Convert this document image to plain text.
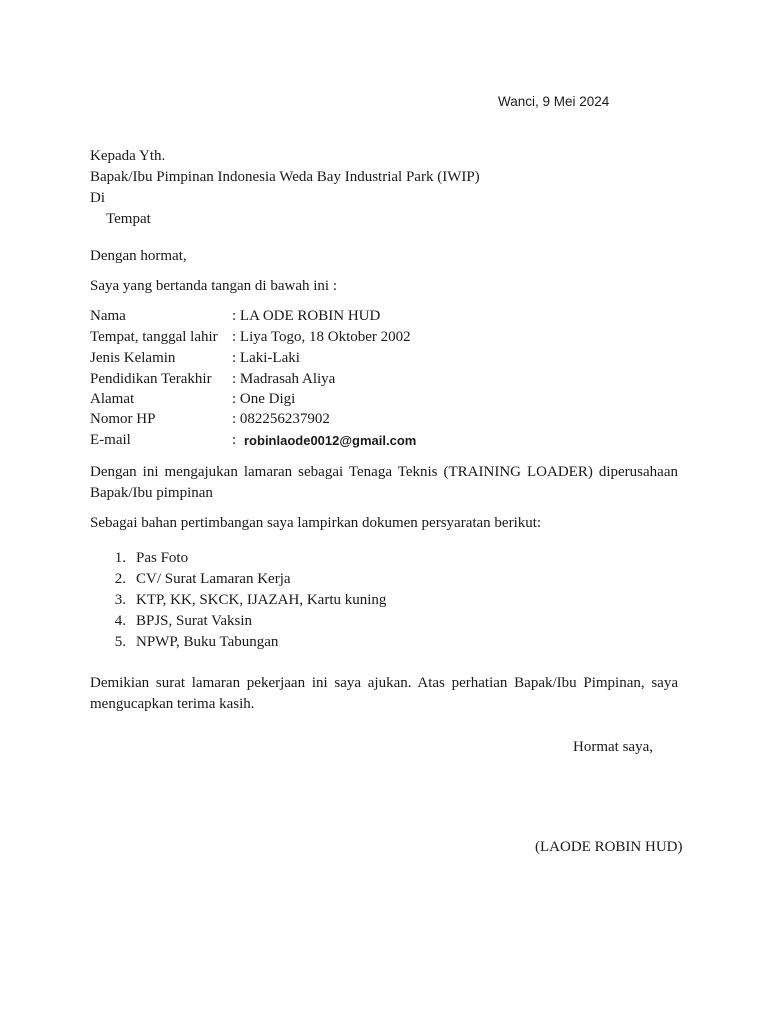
Wanci, 9 Mei 2024
Kepada Yth.
Bapak/Ibu Pimpinan Indonesia Weda Bay Industrial Park (IWIP)
Di
Tempat
Dengan hormat,
Saya yang bertanda tangan di bawah ini :
Nama	: LA ODE ROBIN HUD
Tempat, tanggal lahir : Liya Togo, 18 Oktober 2002
Jenis Kelamin	: Laki-Laki
Pendidikan Terakhir : Madrasah Aliya
Alamat	: One Digi
Nomor HP	: 082256237902
E-mail	: robinlaode0012@gmail.com
Dengan ini mengajukan lamaran sebagai Tenaga Teknis (TRAINING LOADER) diperusahaan Bapak/Ibu pimpinan
Sebagai bahan pertimbangan saya lampirkan dokumen persyaratan berikut:
1. Pas Foto
2. CV/ Surat Lamaran Kerja
3. KTP, KK, SKCK, IJAZAH, Kartu kuning
4. BPJS, Surat Vaksin
5. NPWP, Buku Tabungan
Demikian surat lamaran pekerjaan ini saya ajukan. Atas perhatian Bapak/Ibu Pimpinan, saya mengucapkan terima kasih.
Hormat saya,
(LAODE ROBIN HUD)
